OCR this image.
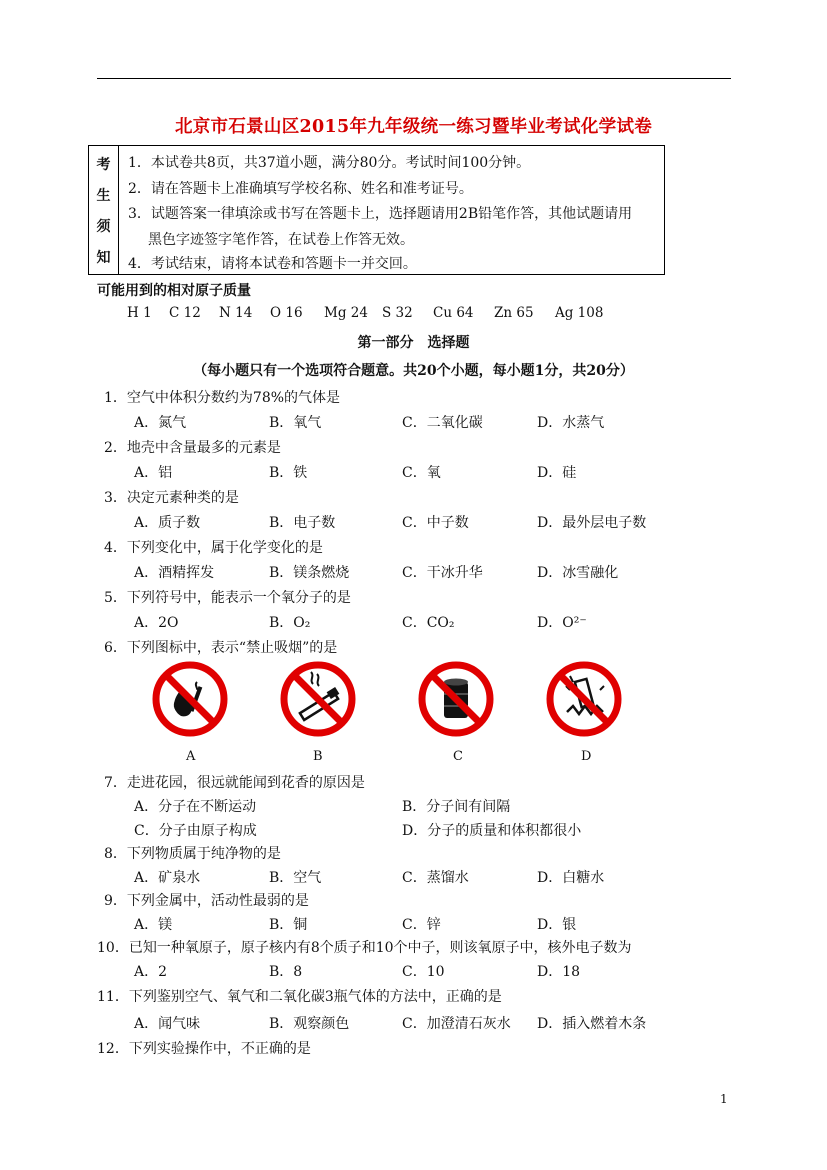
北京市石景山区2015年九年级统一练习暨毕业考试化学试卷
考
生
须
知
1．本试卷共8页，共37道小题，满分80分。考试时间100分钟。
2．请在答题卡上准确填写学校名称、姓名和准考证号。
3．试题答案一律填涂或书写在答题卡上，选择题请用2B铅笔作答，其他试题请用
黑色字迹签字笔作答，在试卷上作答无效。
4．考试结束，请将本试卷和答题卡一并交回。
可能用到的相对原子质量
H 1	C 12	N 14	O 16	Mg 24	S 32	Cu 64	Zn 65	Ag 108
第一部分　选择题
（每小题只有一个选项符合题意。共20个小题，每小题1分，共20分）
1．空气中体积分数约为78%的气体是
A．氮气	B．氧气	C．二氧化碳	D．水蒸气
2．地壳中含量最多的元素是
A．铝	B．铁	C．氧	D．硅
3．决定元素种类的是
A．质子数	B．电子数	C．中子数	D．最外层电子数
4．下列变化中，属于化学变化的是
A．酒精挥发	B．镁条燃烧	C．干冰升华	D．冰雪融化
5．下列符号中，能表示一个氧分子的是
A．2O	B．O₂	C．CO₂	D．O²⁻
6．下列图标中，表示“禁止吸烟”的是
A	B	C	D
7．走进花园，很远就能闻到花香的原因是
A．分子在不断运动	B．分子间有间隔
C．分子由原子构成	D．分子的质量和体积都很小
8．下列物质属于纯净物的是
A．矿泉水	B．空气	C．蒸馏水	D．白糖水
9．下列金属中，活动性最弱的是
A．镁	B．铜	C．锌	D．银
10．已知一种氧原子，原子核内有8个质子和10个中子，则该氧原子中，核外电子数为
A．2	B．8	C．10	D．18
11．下列鉴别空气、氧气和二氧化碳3瓶气体的方法中，正确的是
A．闻气味	B．观察颜色	C．加澄清石灰水 D．插入燃着木条
12．下列实验操作中，不正确的是
1
